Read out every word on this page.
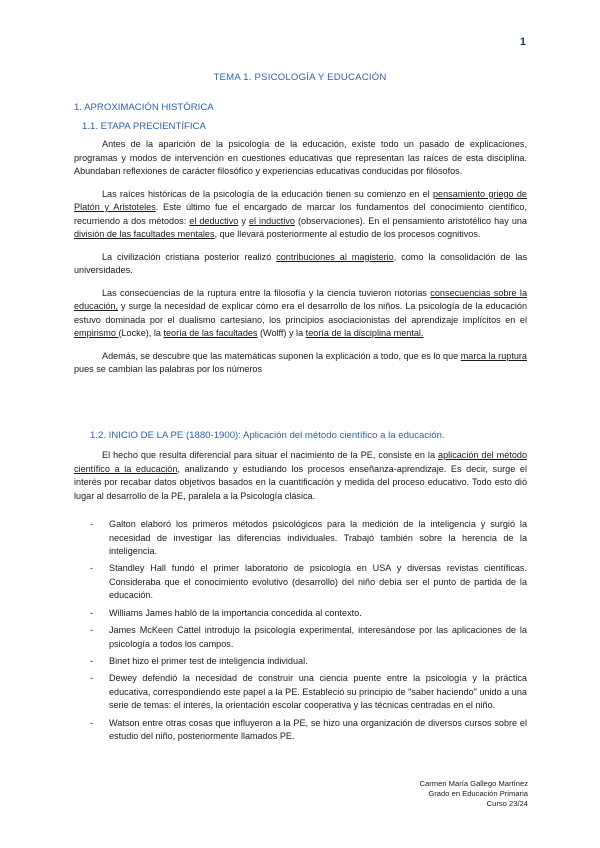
1
TEMA 1. PSICOLOGÍA Y EDUCACIÓN
1. APROXIMACIÓN HISTÓRICA
1.1. ETAPA PRECIENTÍFICA

Antes de la aparición de la psicología de la educación, existe todo un pasado de explicaciones, programas y modos de intervención en cuestiones educativas que representan las raíces de esta disciplina. Abundaban reflexiones de carácter filosófico y experiencias educativas conducidas por filósofos.

Las raíces históricas de la psicología de la educación tienen su comienzo en el pensamiento griego de Platón y Aristoteles. Este último fue el encargado de marcar los fundamentos del conocimiento científico, recurriendo a dos métodos: el deductivo y el inductivo (observaciones). En el pensamiento aristotélico hay una división de las facultades mentales, que llevará posteriormente al estudio de los procesos cognitivos.

La civilización cristiana posterior realizó contribuciones al magisterio, como la consolidación de las universidades.

Las consecuencias de la ruptura entre la filosofía y la ciencia tuvieron notorias consecuencias sobre la educación, y surge la necesidad de explicar cómo era el desarrollo de los niños. La psicología de la educación estuvo dominada por el dualismo cartesiano, los principios asociacionistas del aprendizaje implícitos en el empirismo (Locke), la teoría de las facultades (Wolff) y la teoría de la disciplina mental.

Además, se descubre que las matemáticas suponen la explicación a todo, que es lo que marca la ruptura pues se cambian las palabras por los números

1.2. INICIO DE LA PE (1880-1900): Aplicación del método científico a la educación.

El hecho que resulta diferencial para situar el nacimiento de la PE, consiste en la aplicación del método científico a la educación, analizando y estudiando los procesos enseñanza-aprendizaje. Es decir, surge el interés por recabar datos objetivos basados en la cuantificación y medida del proceso educativo. Todo esto dió lugar al desarrollo de la PE, paralela a la Psicología clásica.

- Galton elaboró los primeros métodos psicológicos para la medición de la inteligencia y surgió la necesidad de investigar las diferencias individuales. Trabajó también sobre la herencia de la inteligencia.
- Standley Hall fundó el primer laboratorio de psicología en USA y diversas revistas científicas. Consideraba que el conocimiento evolutivo (desarrollo) del niño debía ser el punto de partida de la educación.
- Williams James habló de la importancia concedida al contexto.
- James McKeen Cattel introdujo la psicología experimental, interesándose por las aplicaciones de la psicología a todos los campos.
- Binet hizo el primer test de inteligencia individual.
- Dewey defendió la necesidad de construir una ciencia puente entre la psicología y la práctica educativa, correspondiendo este papel a la PE. Estableció su principio de "saber haciendo" unido a una serie de temas: el interés, la orientación escolar cooperativa y las técnicas centradas en el niño.
- Watson entre otras cosas que influyeron a la PE, se hizo una organización de diversos cursos sobre el estudio del niño, posteriormente llamados PE.
Carmen María Gallego Martínez
Grado en Educación Primaria
Curso 23/24
